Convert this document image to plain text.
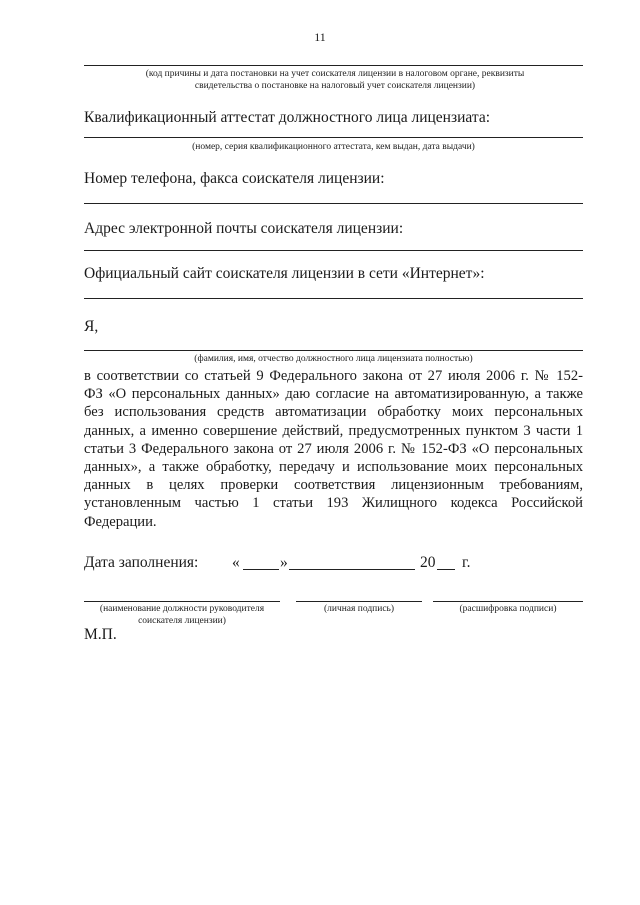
11
(код причины и дата постановки на учет соискателя лицензии в налоговом органе, реквизиты свидетельства о постановке на налоговый учет соискателя лицензии)
Квалификационный аттестат должностного лица лицензиата:
(номер, серия квалификационного аттестата, кем выдан, дата выдачи)
Номер телефона, факса соискателя лицензии:
Адрес электронной почты соискателя лицензии:
Официальный сайт соискателя лицензии в сети «Интернет»:
Я,
(фамилия, имя, отчество должностного лица лицензиата полностью)
в соответствии со статьей 9 Федерального закона от 27 июля 2006 г. № 152-
ФЗ «О персональных данных» даю согласие на автоматизированную, а также
без использования средств автоматизации обработку моих персональных
данных, а именно совершение действий, предусмотренных пунктом 3 части 1
статьи 3 Федерального закона от 27 июля 2006 г. № 152-ФЗ «О персональных
данных», а также обработку, передачу и использование моих персональных
данных в целях проверки соответствия лицензионным требованиям,
установленным частью 1 статьи 193 Жилищного кодекса Российской
Федерации.
Дата заполнения: «	»	20 г.
(наименование должности руководителя соискателя лицензии)
(личная подпись)	(расшифровка подписи)
М.П.
